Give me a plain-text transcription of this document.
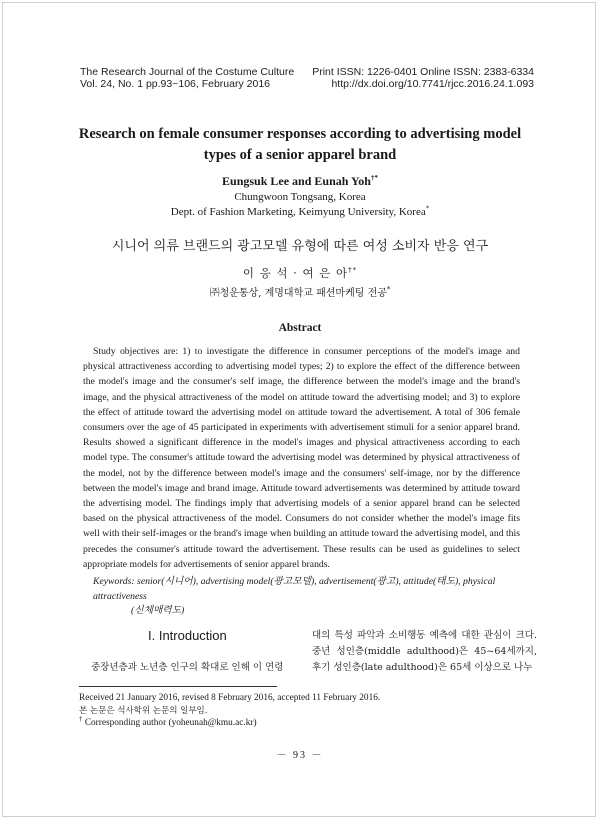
The Research Journal of the Costume Culture
Vol. 24, No. 1 pp.93~106, February 2016
Print ISSN: 1226-0401 Online ISSN: 2383-6334
http://dx.doi.org/10.7741/rjcc.2016.24.1.093
Research on female consumer responses according to advertising model types of a senior apparel brand
Eungsuk Lee and Eunah Yoh†*
Chungwoon Tongsang, Korea
Dept. of Fashion Marketing, Keimyung University, Korea*
시니어 의류 브랜드의 광고모델 유형에 따른 여성 소비자 반응 연구
이 응 석 · 여 은 아†*
㈜청운통상, 계명대학교 패션마케팅 전공*
Abstract

Study objectives are: 1) to investigate the difference in consumer perceptions of the model's image and physical attractiveness according to advertising model types; 2) to explore the effect of the difference between the model's image and the consumer's self image, the difference between the model's image and the brand's image, and the physical attractiveness of the model on attitude toward the advertising model; and 3) to explore the effect of attitude toward the advertising model on attitude toward the advertisement. A total of 306 female consumers over the age of 45 participated in experiments with advertisement stimuli for a senior apparel brand. Results showed a significant difference in the model's images and physical attractiveness according to each model type. The consumer's attitude toward the advertising model was determined by physical attractiveness of the model, not by the difference between model's image and the consumers' self-image, nor by the difference between the model's image and brand image. Attitude toward advertisements was determined by attitude toward the advertising model. The findings imply that advertising models of a senior apparel brand can be selected based on the physical attractiveness of the model. Consumers do not consider whether the model's image fits well with their self-images or the brand's image when building an attitude toward the advertising model, and this precedes the consumer's attitude toward the advertisement. These results can be used as guidelines to select appropriate models for advertisements of senior apparel brands.

Keywords: senior(시니어), advertising model(광고모델), advertisement(광고), attitude(태도), physical attractiveness
(신체매력도)
I. Introduction
중장년층과 노년층 인구의 확대로 인해 이 연령
대의 특성 파악과 소비행동 예측에 대한 관심이 크다. 중년 성인층(middle adulthood)은 45~64세까지, 후기 성인층(late adulthood)은 65세 이상으로 나누
Received 21 January 2016, revised 8 February 2016, accepted 11 February 2016.
본 논문은 석사학위 논문의 일부임.
† Corresponding author (yoheunah@kmu.ac.kr)
－ 93 －
